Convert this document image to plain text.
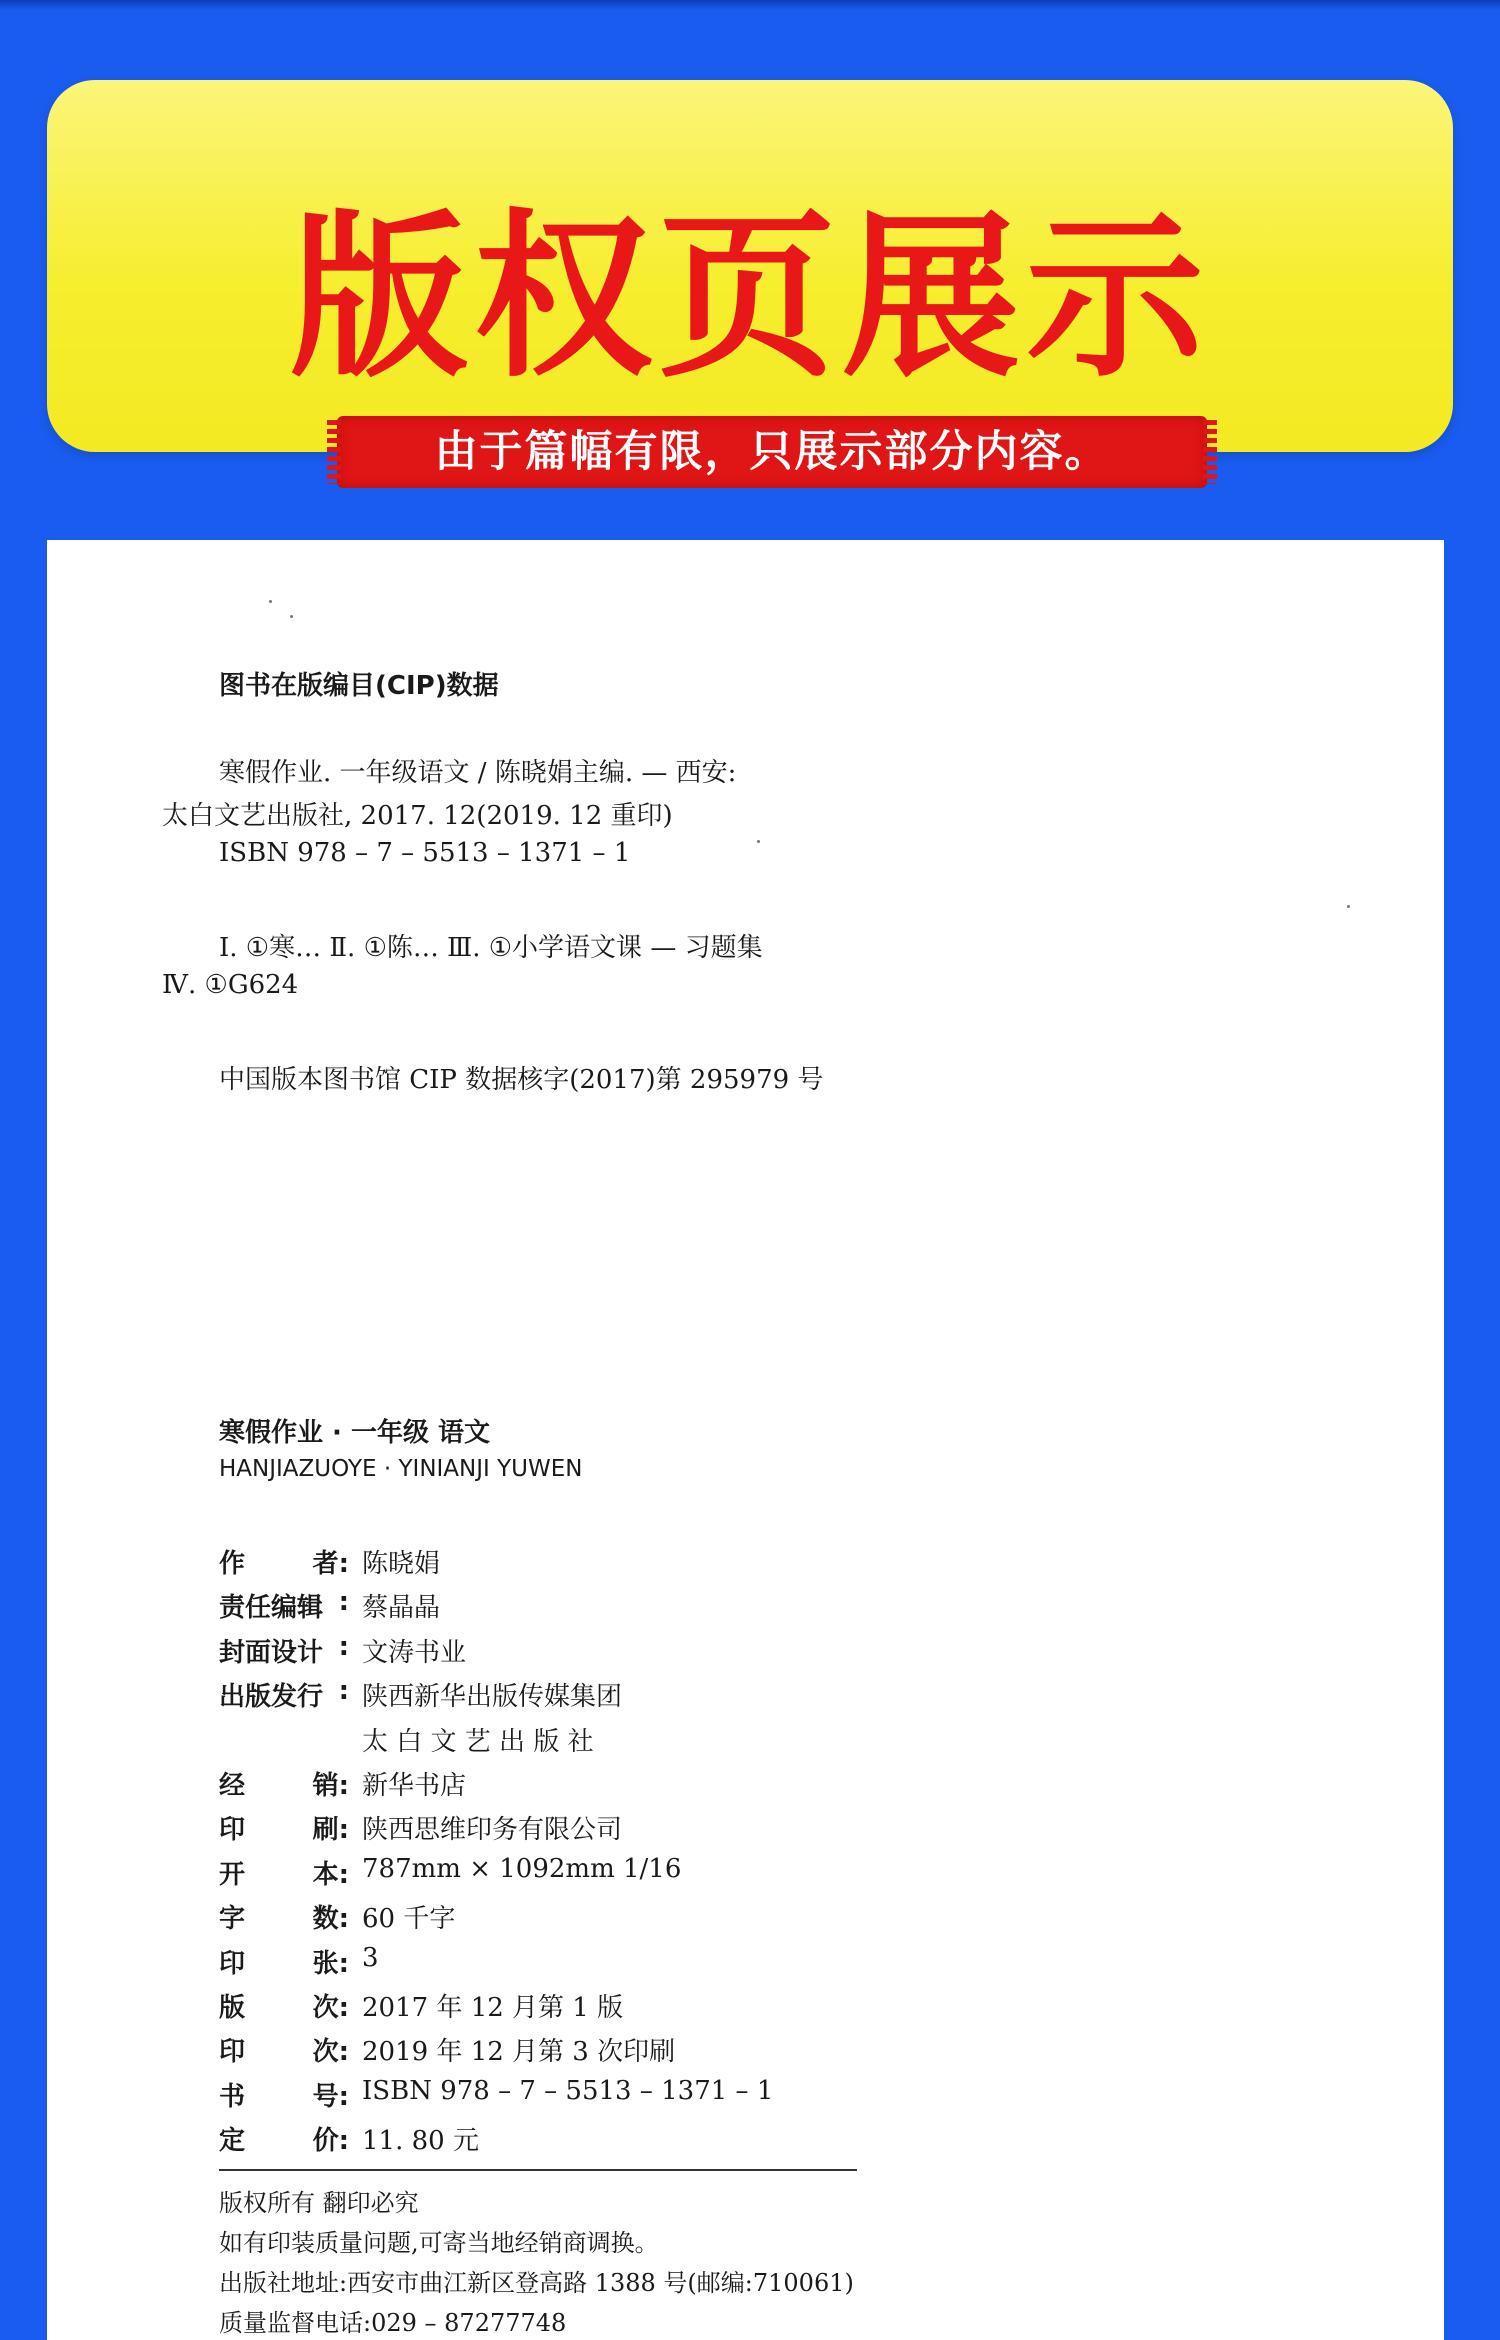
版权页展示
由于篇幅有限，只展示部分内容。
图书在版编目(CIP)数据
寒假作业. 一年级语文 / 陈晓娟主编. — 西安:
太白文艺出版社, 2017. 12(2019. 12 重印)
ISBN 978 – 7 – 5513 – 1371 – 1
Ⅰ. ①寒… Ⅱ. ①陈… Ⅲ. ①小学语文课 — 习题集
Ⅳ. ①G624
中国版本图书馆 CIP 数据核字(2017)第 295979 号
寒假作业 · 一年级 语文
HANJIAZUOYE · YINIANJI YUWEN
作	者: 陈晓娟
责任编辑 : 蔡晶晶
封面设计 : 文涛书业
出版发行 : 陕西新华出版传媒集团
太 白 文 艺 出 版 社
经	销: 新华书店
印	刷: 陕西思维印务有限公司
开	本: 787mm × 1092mm 1/16
字	数: 60 千字
印	张: 3
版	次: 2017 年 12 月第 1 版
印	次: 2019 年 12 月第 3 次印刷
书	号: ISBN 978 – 7 – 5513 – 1371 – 1
定	价: 11. 80 元
版权所有 翻印必究
如有印装质量问题,可寄当地经销商调换。
出版社地址:西安市曲江新区登高路 1388 号(邮编:710061)
质量监督电话:029 – 87277748
